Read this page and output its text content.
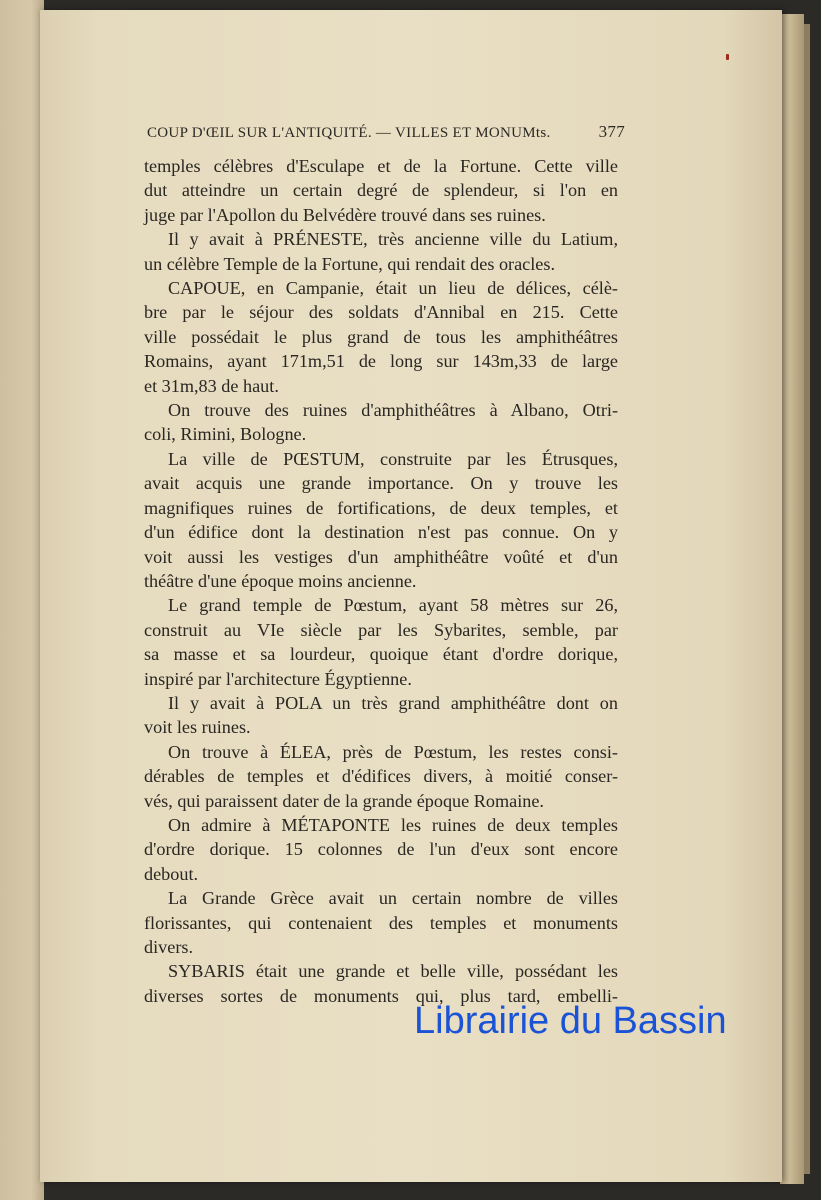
COUP D'ŒIL SUR L'ANTIQUITÉ. — VILLES ET MONUMts.	377
temples célèbres d'Esculape et de la Fortune. Cette ville
dut atteindre un certain degré de splendeur, si l'on en
juge par l'Apollon du Belvédère trouvé dans ses ruines.
Il y avait à PRÉNESTE, très ancienne ville du Latium,
un célèbre Temple de la Fortune, qui rendait des oracles.
CAPOUE, en Campanie, était un lieu de délices, célè-
bre par le séjour des soldats d'Annibal en 215. Cette
ville possédait le plus grand de tous les amphithéâtres
Romains, ayant 171m,51 de long sur 143m,33 de large
et 31m,83 de haut.
On trouve des ruines d'amphithéâtres à Albano, Otri-
coli, Rimini, Bologne.
La ville de PŒSTUM, construite par les Étrusques,
avait acquis une grande importance. On y trouve les
magnifiques ruines de fortifications, de deux temples, et
d'un édifice dont la destination n'est pas connue. On y
voit aussi les vestiges d'un amphithéâtre voûté et d'un
théâtre d'une époque moins ancienne.
Le grand temple de Pœstum, ayant 58 mètres sur 26,
construit au VIe siècle par les Sybarites, semble, par
sa masse et sa lourdeur, quoique étant d'ordre dorique,
inspiré par l'architecture Égyptienne.
Il y avait à POLA un très grand amphithéâtre dont on
voit les ruines.
On trouve à ÉLEA, près de Pœstum, les restes consi-
dérables de temples et d'édifices divers, à moitié conser-
vés, qui paraissent dater de la grande époque Romaine.
On admire à MÉTAPONTE les ruines de deux temples
d'ordre dorique. 15 colonnes de l'un d'eux sont encore
debout.
La Grande Grèce avait un certain nombre de villes
florissantes, qui contenaient des temples et monuments
divers.
SYBARIS était une grande et belle ville, possédant les
diverses sortes de monuments qui, plus tard, embelli-
Librairie du Bassin
